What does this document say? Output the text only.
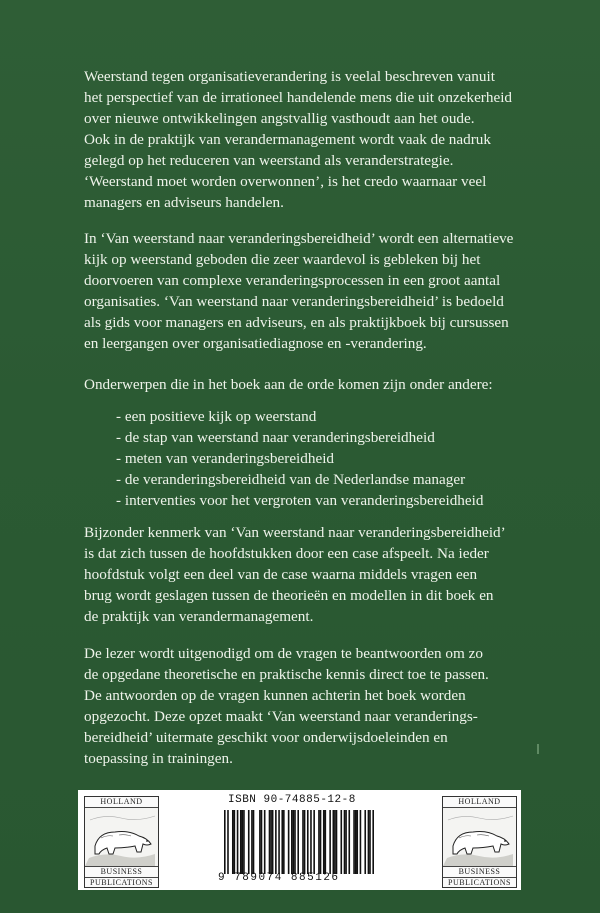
Weerstand tegen organisatieverandering is veelal beschreven vanuit

het perspectief van de irrationeel handelende mens die uit onzekerheid

over nieuwe ontwikkelingen angstvallig vasthoudt aan het oude.

Ook in de praktijk van verandermanagement wordt vaak de nadruk

gelegd op het reduceren van weerstand als veranderstrategie.

‘Weerstand moet worden overwonnen’, is het credo waarnaar veel

managers en adviseurs handelen.

In ‘Van weerstand naar veranderingsbereidheid’ wordt een alternatieve

kijk op weerstand geboden die zeer waardevol is gebleken bij het

doorvoeren van complexe veranderingsprocessen in een groot aantal

organisaties. ‘Van weerstand naar veranderingsbereidheid’ is bedoeld

als gids voor managers en adviseurs, en als praktijkboek bij cursussen

en leergangen over organisatiediagnose en -verandering.

Onderwerpen die in het boek aan de orde komen zijn onder andere:

- een positieve kijk op weerstand
- de stap van weerstand naar veranderingsbereidheid
- meten van veranderingsbereidheid
- de veranderingsbereidheid van de Nederlandse manager
- interventies voor het vergroten van veranderingsbereidheid

Bijzonder kenmerk van ‘Van weerstand naar veranderingsbereidheid’

is dat zich tussen de hoofdstukken door een case afspeelt. Na ieder

hoofdstuk volgt een deel van de case waarna middels vragen een

brug wordt geslagen tussen de theorieën en modellen in dit boek en

de praktijk van verandermanagement.

De lezer wordt uitgenodigd om de vragen te beantwoorden om zo

de opgedane theoretische en praktische kennis direct toe te passen.

De antwoorden op de vragen kunnen achterin het boek worden

opgezocht. Deze opzet maakt ‘Van weerstand naar veranderings-

bereidheid’ uitermate geschikt voor onderwijsdoeleinden en

toepassing in trainingen.

HOLLAND
BUSINESS
PUBLICATIONS
ISBN 90-74885-12-8
9 789074 885126
HOLLAND
BUSINESS
PUBLICATIONS
